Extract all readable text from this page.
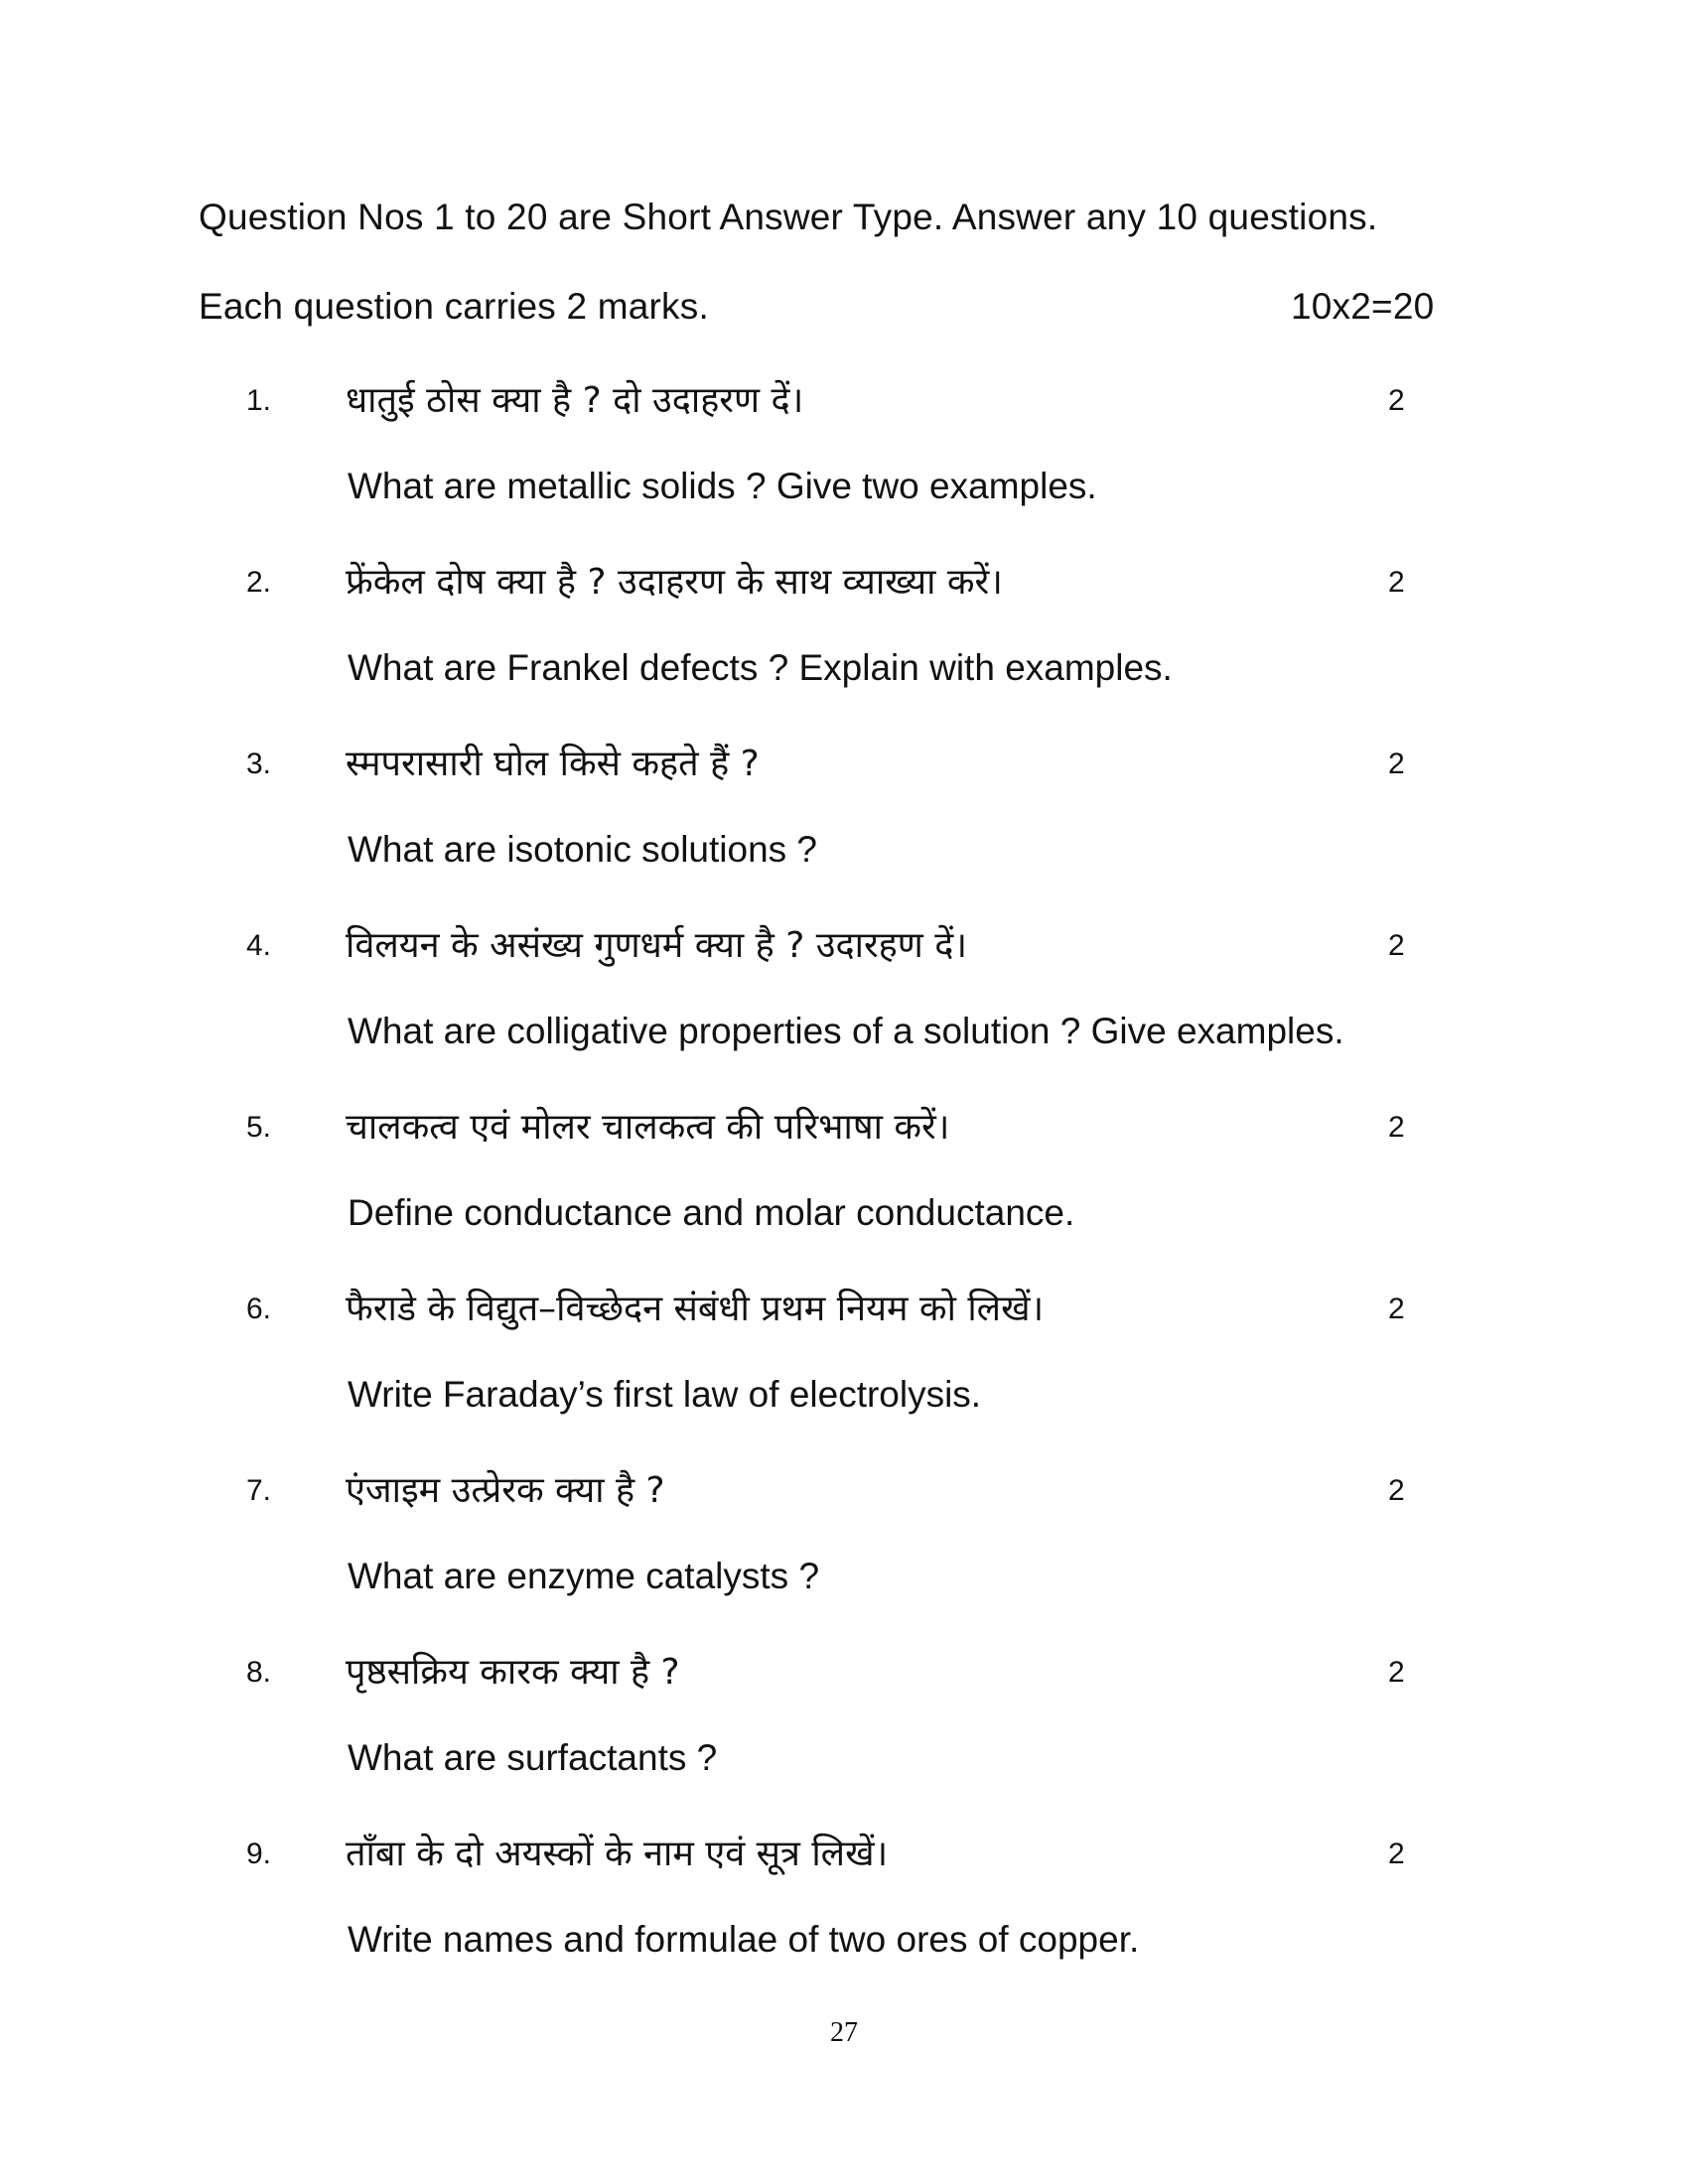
Question Nos 1 to 20 are Short Answer Type. Answer any 10 questions.
Each question carries 2 marks.	10x2=20
1. धातुई ठोस क्या है ? दो उदाहरण दें।	2
What are metallic solids ? Give two examples.
2. फ्रेंकेल दोष क्या है ? उदाहरण के साथ व्याख्या करें।	2
What are Frankel defects ? Explain with examples.
3. स्मपरासारी घोल किसे कहते हैं ?	2
What are isotonic solutions ?
4. विलयन के असंख्य गुणधर्म क्या है ? उदारहण दें।	2
What are colligative properties of a solution ? Give examples.
5. चालकत्व एवं मोलर चालकत्व की परिभाषा करें।	2
Define conductance and molar conductance.
6. फैराडे के विद्युत–विच्छेदन संबंधी प्रथम नियम को लिखें।	2
Write Faraday’s first law of electrolysis.
7. एंजाइम उत्प्रेरक क्या है ?	2
What are enzyme catalysts ?
8. पृष्ठसक्रिय कारक क्या है ?	2
What are surfactants ?
9. ताँबा के दो अयस्कों के नाम एवं सूत्र लिखें।	2
Write names and formulae of two ores of copper.
27
